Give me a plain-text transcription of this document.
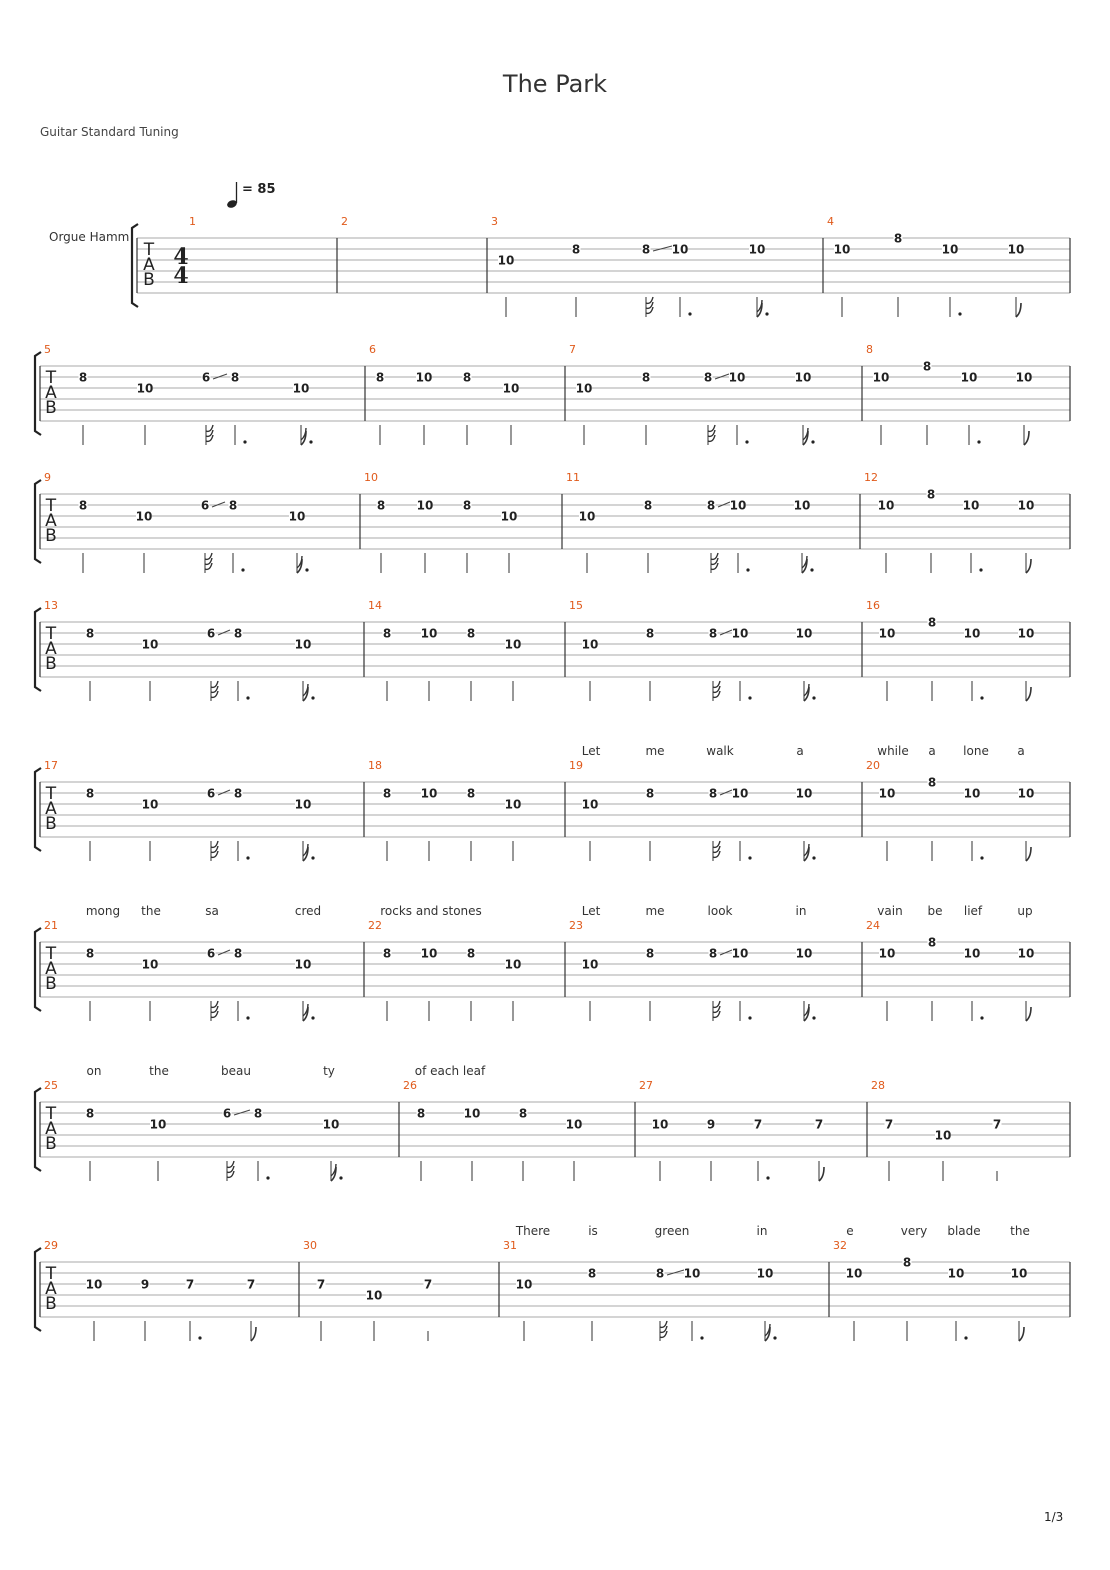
The Park
Guitar Standard Tuning
1/3
= 85
Orgue Hamm
T
A
B
4
4
1	2	3
10
8	8 10	10
4
10
8
10	10
T
A
B
5
8
10
6 8
10
6
8	10	8
10
7
10
8	8 10	10
8
10
8
10	10
T
A
B
9
8
10
6 8
10
10
8	10 8
10
11
10
8	8 10	10
12
10
8
10	10
T
A
B
13
8
10
6 8
10
14
8 10 8
10
15
10
8	8 10	10
16
10
8
10	10
T
A
B
Let	me	walk	a	while a lone a
17
8
10
6 8
10
18
8 10 8
10
19
10
8	8 10	10
20
10
8
10	10
T
A
B
mong the	sa	cred	rocks and stones	Let	me	look	in	vain be lief	up
21
8
10
6 8
10
22
8 10 8
10
23
10
8	8 10	10
24
10
8
10	10
T
A
B
on	the	beau	ty	of each leaf
25
8
10
6 8
10
26
8	10	8
10
27
10	9	7	7
28
7
10
7
T
A
B
There	is	green	in	e	very blade the
29
10	9	7	7
30
7
10
7
31
10
8	8 10	10
32
10
8
10	10
